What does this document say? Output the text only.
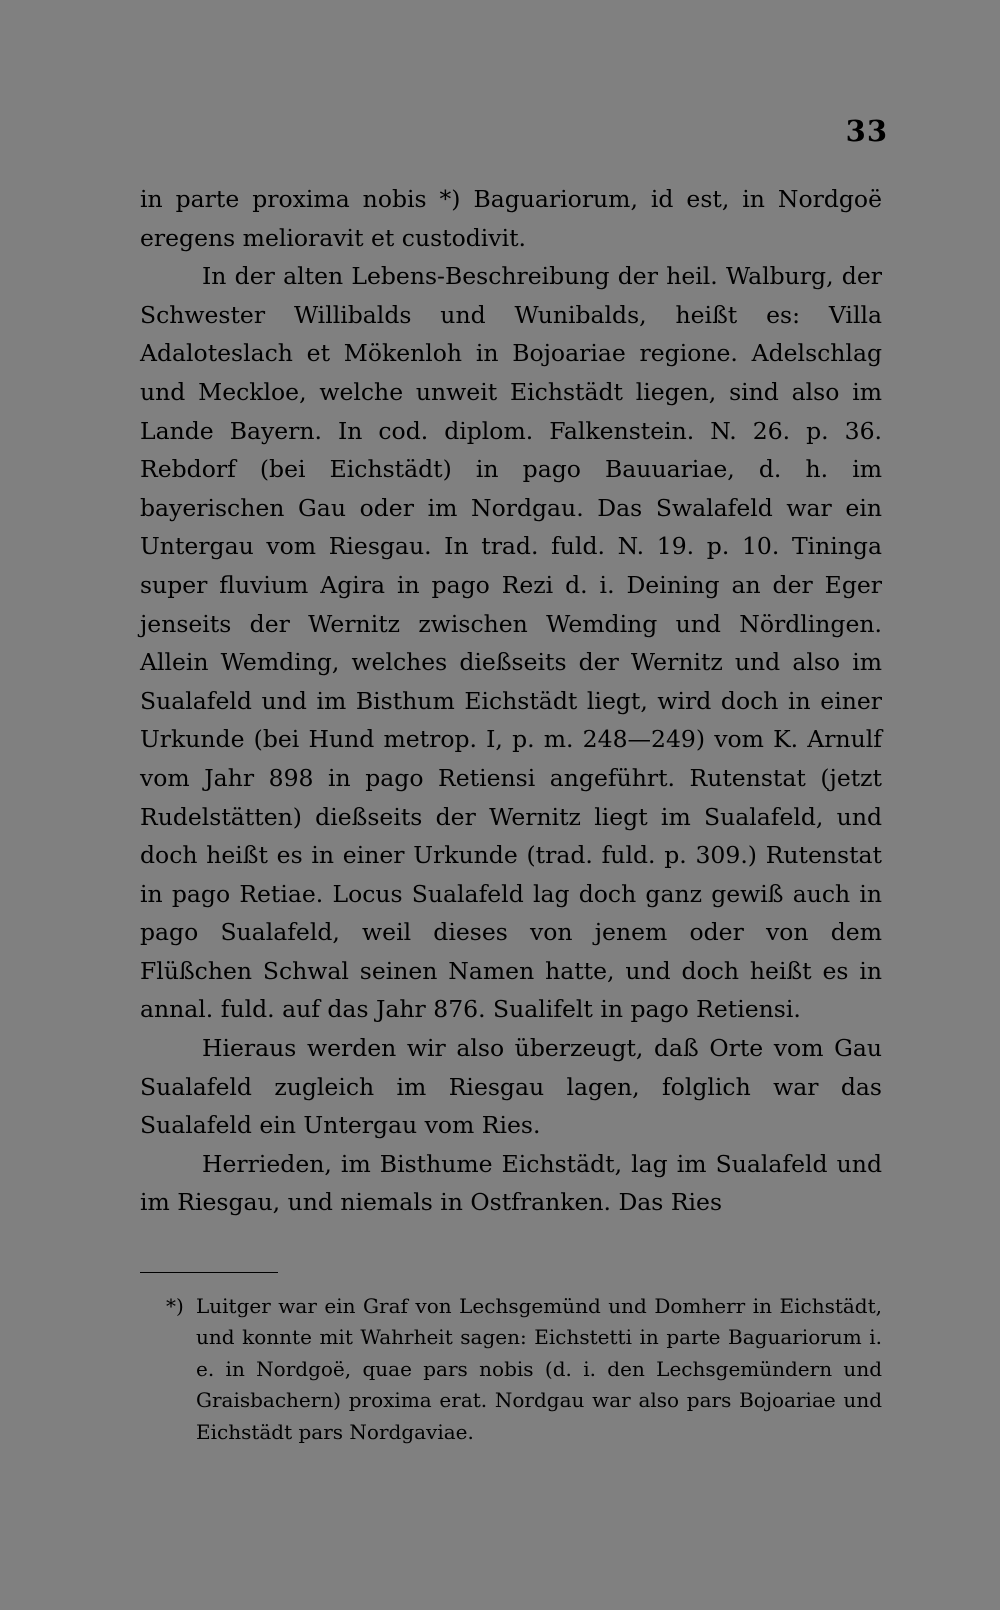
33

in parte proxima nobis *) Baguariorum, id est, in Nordgoë eregens melioravit et custodivit.

In der alten Lebens-Beschreibung der heil. Walburg, der Schwester Willibalds und Wunibalds, heißt es: Villa Adaloteslach et Mökenloh in Bojoariae regione. Adelschlag und Meckloe, welche unweit Eichstädt liegen, sind also im Lande Bayern. In cod. diplom. Falkenstein. N. 26. p. 36. Rebdorf (bei Eichstädt) in pago Bauuariae, d. h. im bayerischen Gau oder im Nordgau. Das Swalafeld war ein Untergau vom Riesgau. In trad. fuld. N. 19. p. 10. Tininga super fluvium Agira in pago Rezi d. i. Deining an der Eger jenseits der Wernitz zwischen Wemding und Nördlingen. Allein Wemding, welches dießseits der Wernitz und also im Sualafeld und im Bisthum Eichstädt liegt, wird doch in einer Urkunde (bei Hund metrop. I, p. m. 248—249) vom K. Arnulf vom Jahr 898 in pago Retiensi angeführt. Rutenstat (jetzt Rudelstätten) dießseits der Wernitz liegt im Sualafeld, und doch heißt es in einer Urkunde (trad. fuld. p. 309.) Rutenstat in pago Retiae. Locus Sualafeld lag doch ganz gewiß auch in pago Sualafeld, weil dieses von jenem oder von dem Flüßchen Schwal seinen Namen hatte, und doch heißt es in annal. fuld. auf das Jahr 876. Sualifelt in pago Retiensi.

Hieraus werden wir also überzeugt, daß Orte vom Gau Sualafeld zugleich im Riesgau lagen, folglich war das Sualafeld ein Untergau vom Ries.

Herrieden, im Bisthume Eichstädt, lag im Sualafeld und im Riesgau, und niemals in Ostfranken. Das Ries

*) Luitger war ein Graf von Lechsgemünd und Domherr in Eichstädt, und konnte mit Wahrheit sagen: Eichstetti in parte Baguariorum i. e. in Nordgoë, quae pars nobis (d. i. den Lechsgemündern und Graisbachern) proxima erat. Nordgau war also pars Bojoariae und Eichstädt pars Nordgaviae.
